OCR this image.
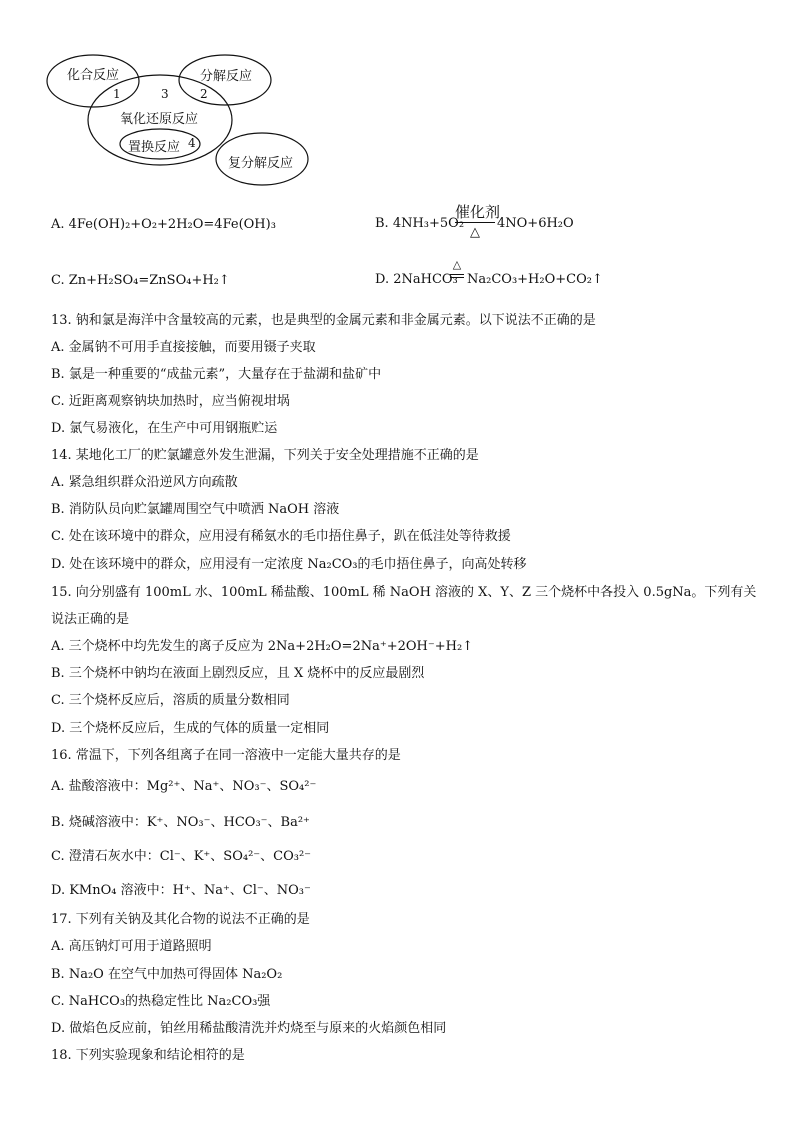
化合反应	分解反应
氧化还原反应
置换反应
复分解反应
1	3	2
4
A. 4Fe(OH)₂+O₂+2H₂O=4Fe(OH)₃	B. 4NH₃+5O₂
催化剂
△
4NO+6H₂O
C. Zn+H₂SO₄=ZnSO₄+H₂↑	D. 2NaHCO₃
△
Na₂CO₃+H₂O+CO₂↑
13. 钠和氯是海洋中含量较高的元素，也是典型的金属元素和非金属元素。以下说法不正确的是
A. 金属钠不可用手直接接触，而要用镊子夹取
B. 氯是一种重要的“成盐元素”，大量存在于盐湖和盐矿中
C. 近距离观察钠块加热时，应当俯视坩埚
D. 氯气易液化，在生产中可用钢瓶贮运
14. 某地化工厂的贮氯罐意外发生泄漏，下列关于安全处理措施不正确的是
A. 紧急组织群众沿逆风方向疏散
B. 消防队员向贮氯罐周围空气中喷洒 NaOH 溶液
C. 处在该环境中的群众，应用浸有稀氨水的毛巾捂住鼻子，趴在低洼处等待救援
D. 处在该环境中的群众，应用浸有一定浓度 Na₂CO₃的毛巾捂住鼻子，向高处转移
15. 向分别盛有 100mL 水、100mL 稀盐酸、100mL 稀 NaOH 溶液的 X、Y、Z 三个烧杯中各投入 0.5gNa。下列有关
说法正确的是
A. 三个烧杯中均先发生的离子反应为 2Na+2H₂O=2Na⁺+2OH⁻+H₂↑
B. 三个烧杯中钠均在液面上剧烈反应，且 X 烧杯中的反应最剧烈
C. 三个烧杯反应后，溶质的质量分数相同
D. 三个烧杯反应后，生成的气体的质量一定相同
16. 常温下，下列各组离子在同一溶液中一定能大量共存的是
A. 盐酸溶液中：Mg²⁺、Na⁺、NO₃⁻、SO₄²⁻
B. 烧碱溶液中：K⁺、NO₃⁻、HCO₃⁻、Ba²⁺
C. 澄清石灰水中：Cl⁻、K⁺、SO₄²⁻、CO₃²⁻
D. KMnO₄ 溶液中：H⁺、Na⁺、Cl⁻、NO₃⁻
17. 下列有关钠及其化合物的说法不正确的是
A. 高压钠灯可用于道路照明
B. Na₂O 在空气中加热可得固体 Na₂O₂
C. NaHCO₃的热稳定性比 Na₂CO₃强
D. 做焰色反应前，铂丝用稀盐酸清洗并灼烧至与原来的火焰颜色相同
18. 下列实验现象和结论相符的是
